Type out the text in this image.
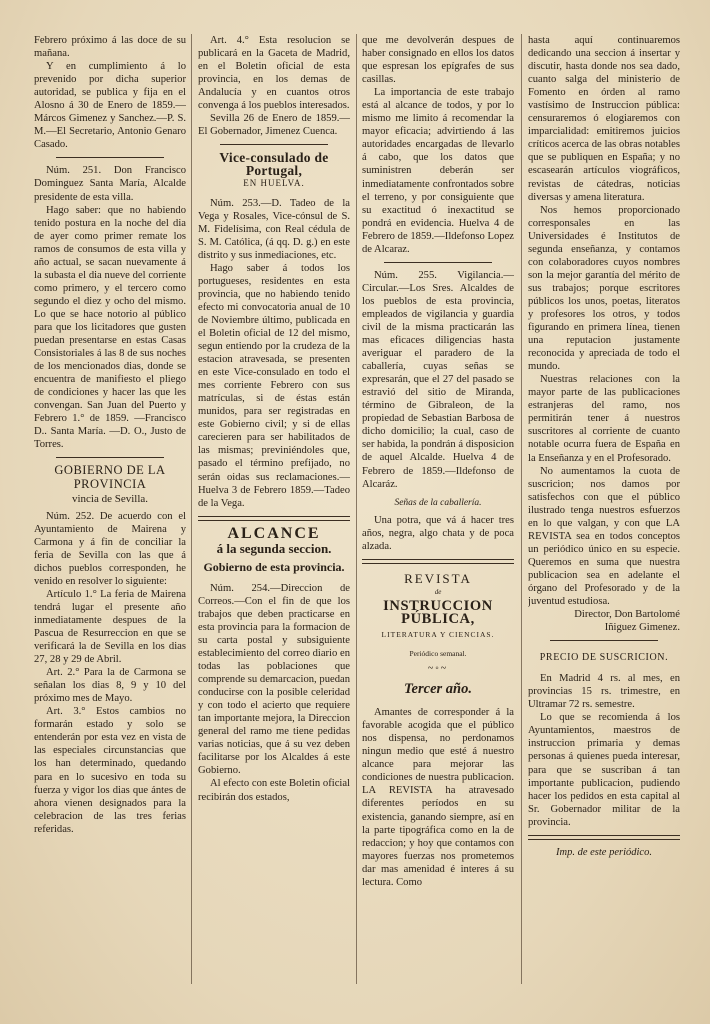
Febrero próximo á las doce de su mañana.

Y en cumplimiento á lo prevenido por dicha superior autoridad, se publica y fija en el Alosno á 30 de Enero de 1859.—Márcos Gimenez y Sanchez.—P. S. M.—El Secretario, Antonio Genaro Casado.

Núm. 251. Don Francisco Dominguez Santa María, Alcalde presidente de esta villa.

Hago saber: que no habiendo tenido postura en la noche del dia de ayer como primer remate los ramos de consumos de esta villa y año actual, se sacan nuevamente á la subasta el dia nueve del corriente como primero, y el tercero como segundo el diez y ocho del mismo. Lo que se hace notorio al público para que los licitadores que gusten puedan presentarse en estas Casas Consistoriales á las 8 de sus noches de los mencionados dias, donde se encuentra de manifiesto el pliego de condiciones y hacer las que les convengan. San Juan del Puerto y Febrero 1.° de 1859. —Francisco D.. Santa María. —D. O., Justo de Torres.

GOBIERNO DE LA PROVINCIA
vincia de Sevilla.

Núm. 252. De acuerdo con el Ayuntamiento de Mairena y Carmona y á fin de conciliar la feria de Sevilla con las que á dichos pueblos corresponden, he venido en resolver lo siguiente:

Artículo 1.° La feria de Mairena tendrá lugar el presente año inmediatamente despues de la Pascua de Resurreccion en que se verificará la de Sevilla en los dias 27, 28 y 29 de Abril.

Art. 2.° Para la de Carmona se señalan los dias 8, 9 y 10 del próximo mes de Mayo.

Art. 3.° Estos cambios no formarán estado y solo se entenderán por esta vez en vista de las especiales circunstancias que los han determinado, quedando para en lo sucesivo en toda su fuerza y vigor los dias que ántes de ahora vienen designados para la celebracion de las tres ferias referidas.

Art. 4.° Esta resolucion se publicará en la Gaceta de Madrid, en el Boletin oficial de esta provincia, en los demas de Andalucía y en cuantos otros convenga á los pueblos interesados.

Sevilla 26 de Enero de 1859.—El Gobernador, Jimenez Cuenca.

Vice-consulado de Portugal,
EN HUELVA.

Núm. 253.—D. Tadeo de la Vega y Rosales, Vice-cónsul de S. M. Fidelísima, con Real cédula de S. M. Católica, (á qq. D. g.) en este distrito y sus inmediaciones, etc.

Hago saber á todos los portugueses, residentes en esta provincia, que no habiendo tenido efecto mi convocatoria anual de 10 de Noviembre último, publicada en el Boletin oficial de 12 del mismo, segun entiendo por la crudeza de la estacion atravesada, se presenten en este Vice-consulado en todo el mes corriente Febrero con sus matrículas, si de éstas están munidos, para ser registradas en este Gobierno civil; y si de ellas carecieren para ser habilitados de las mismas; previniéndoles que, pasado el término prefijado, no serán oidas sus reclamaciones.—Huelva 3 de Febrero 1859.—Tadeo de la Vega.

ALCANCE
á la segunda seccion.
Gobierno de esta provincia.

Núm. 254.—Direccion de Correos.—Con el fin de que los trabajos que deben practicarse en esta provincia para la formacion de su carta postal y subsiguiente establecimiento del correo diario en todas las poblaciones que comprende su demarcacion, puedan conducirse con la posible celeridad y con todo el acierto que requiere tan importante mejora, la Direccion general del ramo me tiene pedidas varias noticias, que á su vez deben facilitarse por los Alcaldes á este Gobierno.

Al efecto con este Boletin oficial recibirán dos estados,

que me devolverán despues de haber consignado en ellos los datos que espresan los epígrafes de sus casillas.

La importancia de este trabajo está al alcance de todos, y por lo mismo me limito á recomendar la mayor eficacia; advirtiendo á las autoridades encargadas de llevarlo á cabo, que los datos que suministren deberán ser inmediatamente confrontados sobre el terreno, y por consiguiente que su exactitud ó inexactitud se pondrá en evidencia. Huelva 4 de Febrero de 1859.—Ildefonso Lopez de Alcaraz.

Núm. 255. Vigilancia.—Circular.—Los Sres. Alcaldes de los pueblos de esta provincia, empleados de vigilancia y guardia civil de la misma practicarán las mas eficaces diligencias hasta averiguar el paradero de la caballería, cuyas señas se expresarán, que el 27 del pasado se estravió del sitio de Miranda, término de Gibraleon, de la propiedad de Sebastian Barbosa de dicho domicilio; la cual, caso de ser habida, la pondrán á disposicion de aquel Alcalde. Huelva 4 de Febrero de 1859.—Ildefonso de Alcaráz.

Señas de la caballería.

Una potra, que vá á hacer tres años, negra, algo chata y de poca alzada.

REVISTA
de
INSTRUCCION PÚBLICA,
LITERATURA Y CIENCIAS.
Periódico semanal.
~◦~
Tercer año.

Amantes de corresponder á la favorable acogida que el público nos dispensa, no perdonamos ningun medio que esté á nuestro alcance para mejorar las condiciones de nuestra publicacion. LA REVISTA ha atravesado diferentes períodos en su existencia, ganando siempre, así en la parte tipográfica como en la de redaccion; y hoy que contamos con mayores fuerzas nos prometemos dar mas amenidad é interes á su lectura. Como

hasta aquí continuaremos dedicando una seccion á insertar y discutir, hasta donde nos sea dado, cuanto salga del ministerio de Fomento en órden al ramo vastísimo de Instruccion pública: censuraremos ó elogiaremos con imparcialidad: emitiremos juicios críticos acerca de las obras notables que se publiquen en España; y no escasearán artículos viográficos, revistas de cátedras, noticias diversas y amena literatura.

Nos hemos proporcionado corresponsales en las Universidades é Institutos de segunda enseñanza, y contamos con colaboradores cuyos nombres son la mejor garantía del mérito de sus trabajos; porque escritores públicos los unos, poetas, literatos y profesores los otros, y todos figurando en primera línea, tienen una reputacion justamente reconocida y apreciada de todo el mundo.

Nuestras relaciones con la mayor parte de las publicaciones estranjeras del ramo, nos permitirán tener á nuestros suscritores al corriente de cuanto notable ocurra fuera de España en la Enseñanza y en el Profesorado.

No aumentamos la cuota de suscricion; nos damos por satisfechos con que el público ilustrado tenga nuestros esfuerzos en lo que valgan, y con que LA REVISTA sea en todos conceptos un periódico único en su especie. Queremos en suma que nuestra publicacion sea en adelante el órgano del Profesorado y de la juventud estudiosa.

Director, Don Bartolomé Iñiguez Gimenez.

PRECIO DE SUSCRICION.

En Madrid 4 rs. al mes, en provincias 15 rs. trimestre, en Ultramar 72 rs. semestre.

Lo que se recomienda á los Ayuntamientos, maestros de instruccion primaria y demas personas á quienes pueda interesar, para que se suscriban á tan importante publicacion, pudiendo hacer los pedidos en esta capital al Sr. Gobernador militar de la provincia.

Imp. de este periódico.
